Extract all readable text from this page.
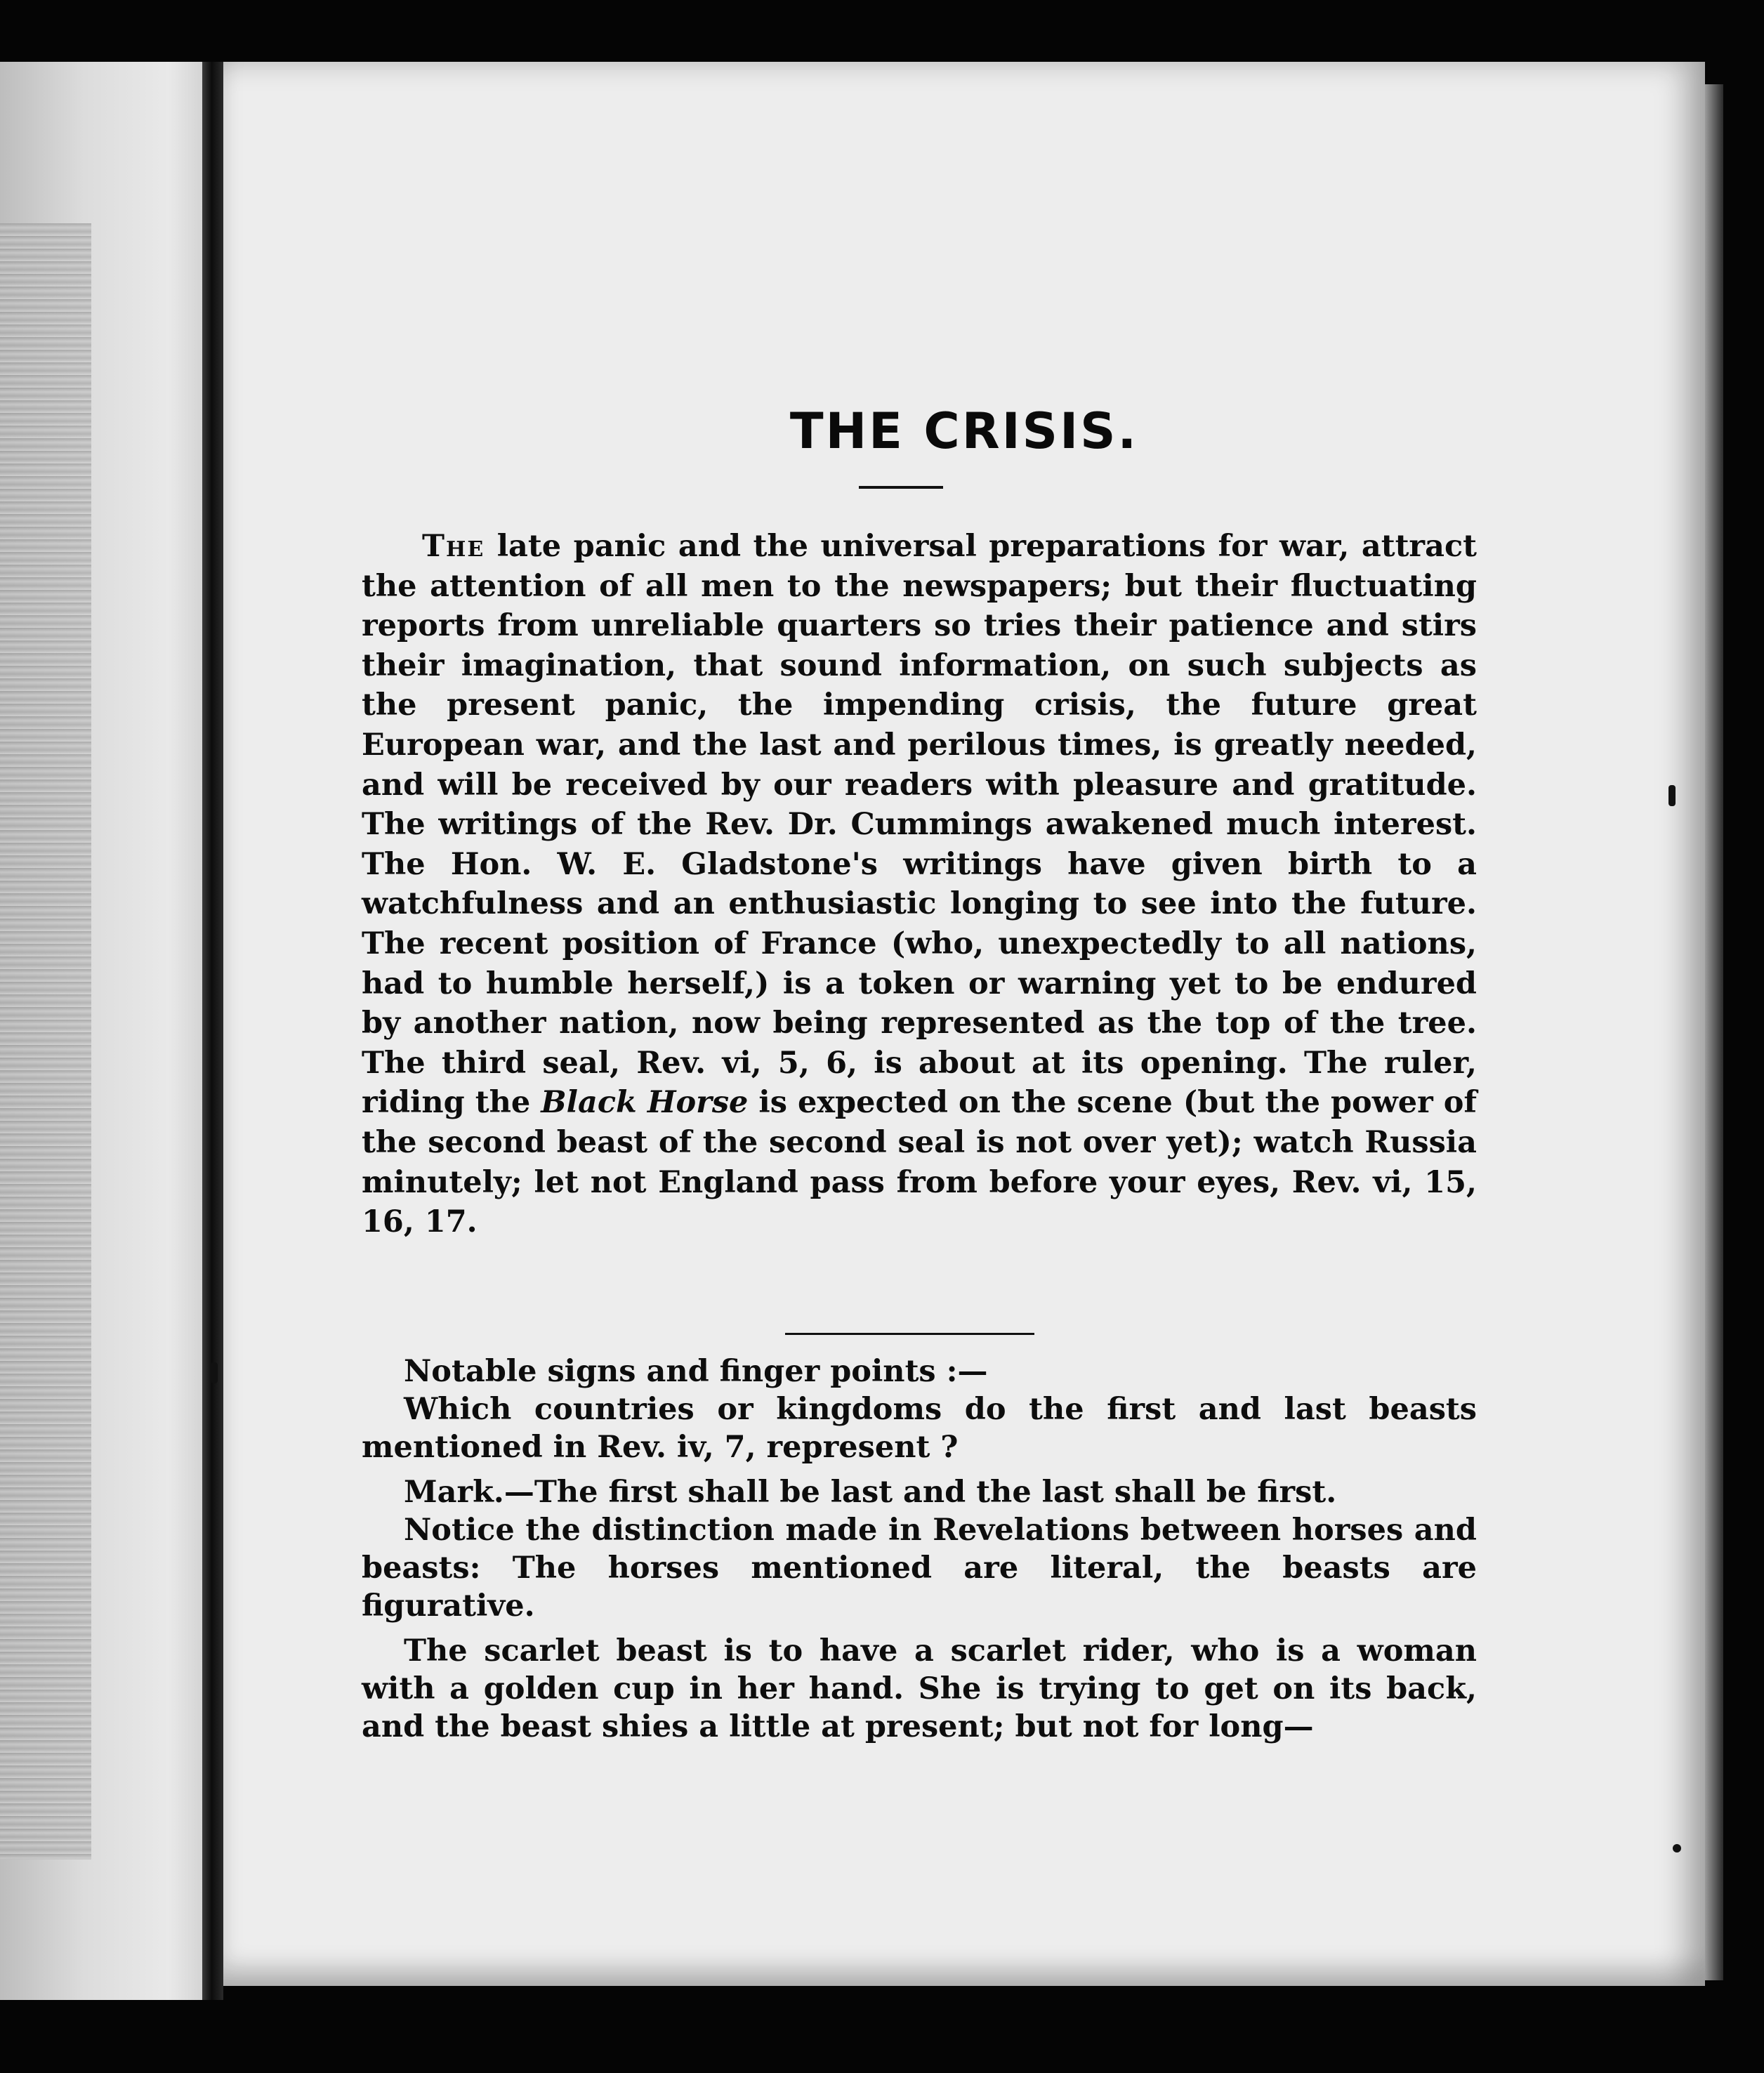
THE CRISIS.

The late panic and the universal preparations for war, attract the attention of all men to the newspapers; but their fluctuating reports from unreliable quarters so tries their patience and stirs their imagination, that sound information, on such subjects as the present panic, the impending crisis, the future great European war, and the last and perilous times, is greatly needed, and will be received by our readers with pleasure and gratitude. The writings of the Rev. Dr. Cummings awakened much interest. The Hon. W. E. Gladstone's writings have given birth to a watchfulness and an enthusiastic longing to see into the future. The recent position of France (who, unexpectedly to all nations, had to humble herself,) is a token or warning yet to be endured by another nation, now being represented as the top of the tree. The third seal, Rev. vi, 5, 6, is about at its opening. The ruler, riding the Black Horse is expected on the scene (but the power of the second beast of the second seal is not over yet); watch Russia minutely; let not England pass from before your eyes, Rev. vi, 15, 16, 17.

Notable signs and finger points :—

Which countries or kingdoms do the first and last beasts mentioned in Rev. iv, 7, represent ?

Mark.—The first shall be last and the last shall be first.

Notice the distinction made in Revelations between horses and beasts: The horses mentioned are literal, the beasts are figurative.

The scarlet beast is to have a scarlet rider, who is a woman with a golden cup in her hand. She is trying to get on its back, and the beast shies a little at present; but not for long—
